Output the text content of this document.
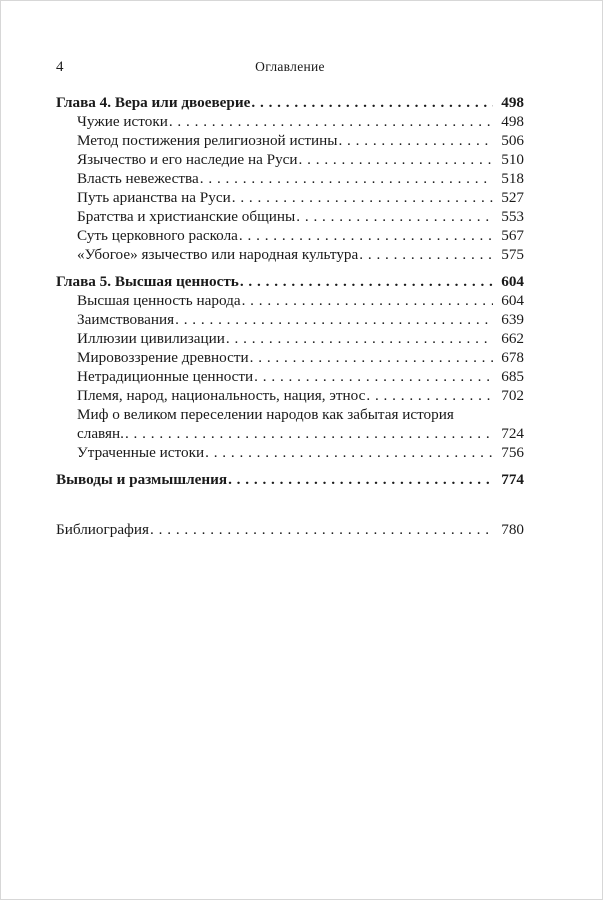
4	Оглавление
Глава 4. Вера или двоеверие . . .	498
Чужие истоки . . .	498
Метод постижения религиозной истины . . .	506
Язычество и его наследие на Руси . . .	510
Власть невежества . . .	518
Путь арианства на Руси . . .	527
Братства и христианские общины . . .	553
Суть церковного раскола . . .	567
«Убогое» язычество или народная культура . . .	575
Глава 5. Высшая ценность . . .	604
Высшая ценность народа . . .	604
Заимствования . . .	639
Иллюзии цивилизации . . .	662
Мировоззрение древности . . .	678
Нетрадиционные ценности . . .	685
Племя, народ, национальность, нация, этнос . . .	702
Миф о великом переселении народов как забытая история
славян. . . .	724
Утраченные истоки . . .	756
Выводы и размышления . . .	774
Библиография . . .	780
